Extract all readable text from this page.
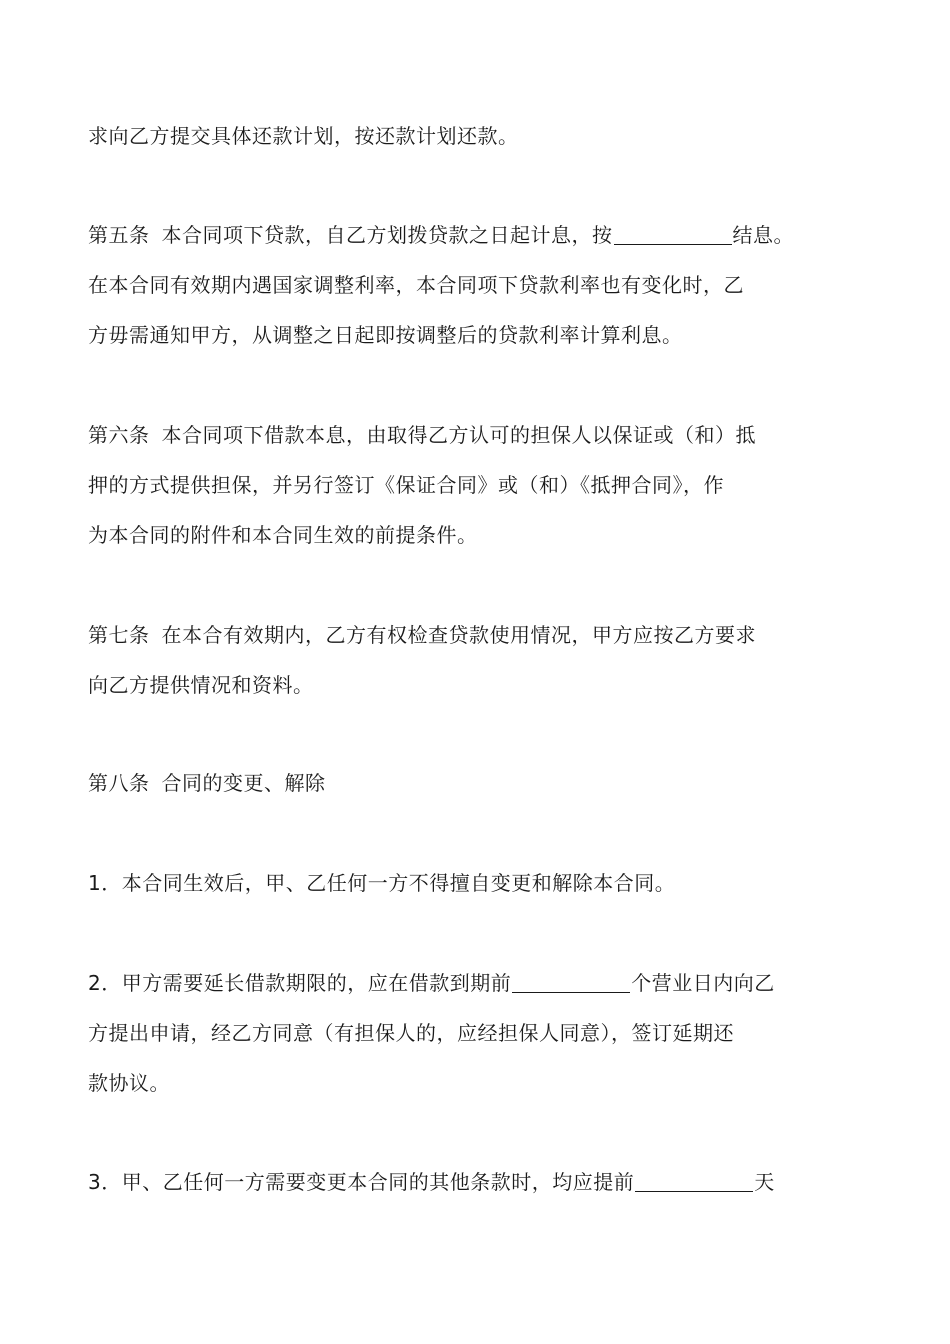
求向乙方提交具体还款计划，按还款计划还款。
第五条 本合同项下贷款，自乙方划拨贷款之日起计息，按	结息。
在本合同有效期内遇国家调整利率，本合同项下贷款利率也有变化时，乙
方毋需通知甲方，从调整之日起即按调整后的贷款利率计算利息。
第六条 本合同项下借款本息，由取得乙方认可的担保人以保证或（和）抵
押的方式提供担保，并另行签订《保证合同》或（和）《抵押合同》，作
为本合同的附件和本合同生效的前提条件。
第七条 在本合有效期内，乙方有权检查贷款使用情况，甲方应按乙方要求
向乙方提供情况和资料。
第八条 合同的变更、解除
1．本合同生效后，甲、乙任何一方不得擅自变更和解除本合同。
2．甲方需要延长借款期限的，应在借款到期前	个营业日内向乙
方提出申请，经乙方同意（有担保人的，应经担保人同意），签订延期还
款协议。
3．甲、乙任何一方需要变更本合同的其他条款时，均应提前	天
